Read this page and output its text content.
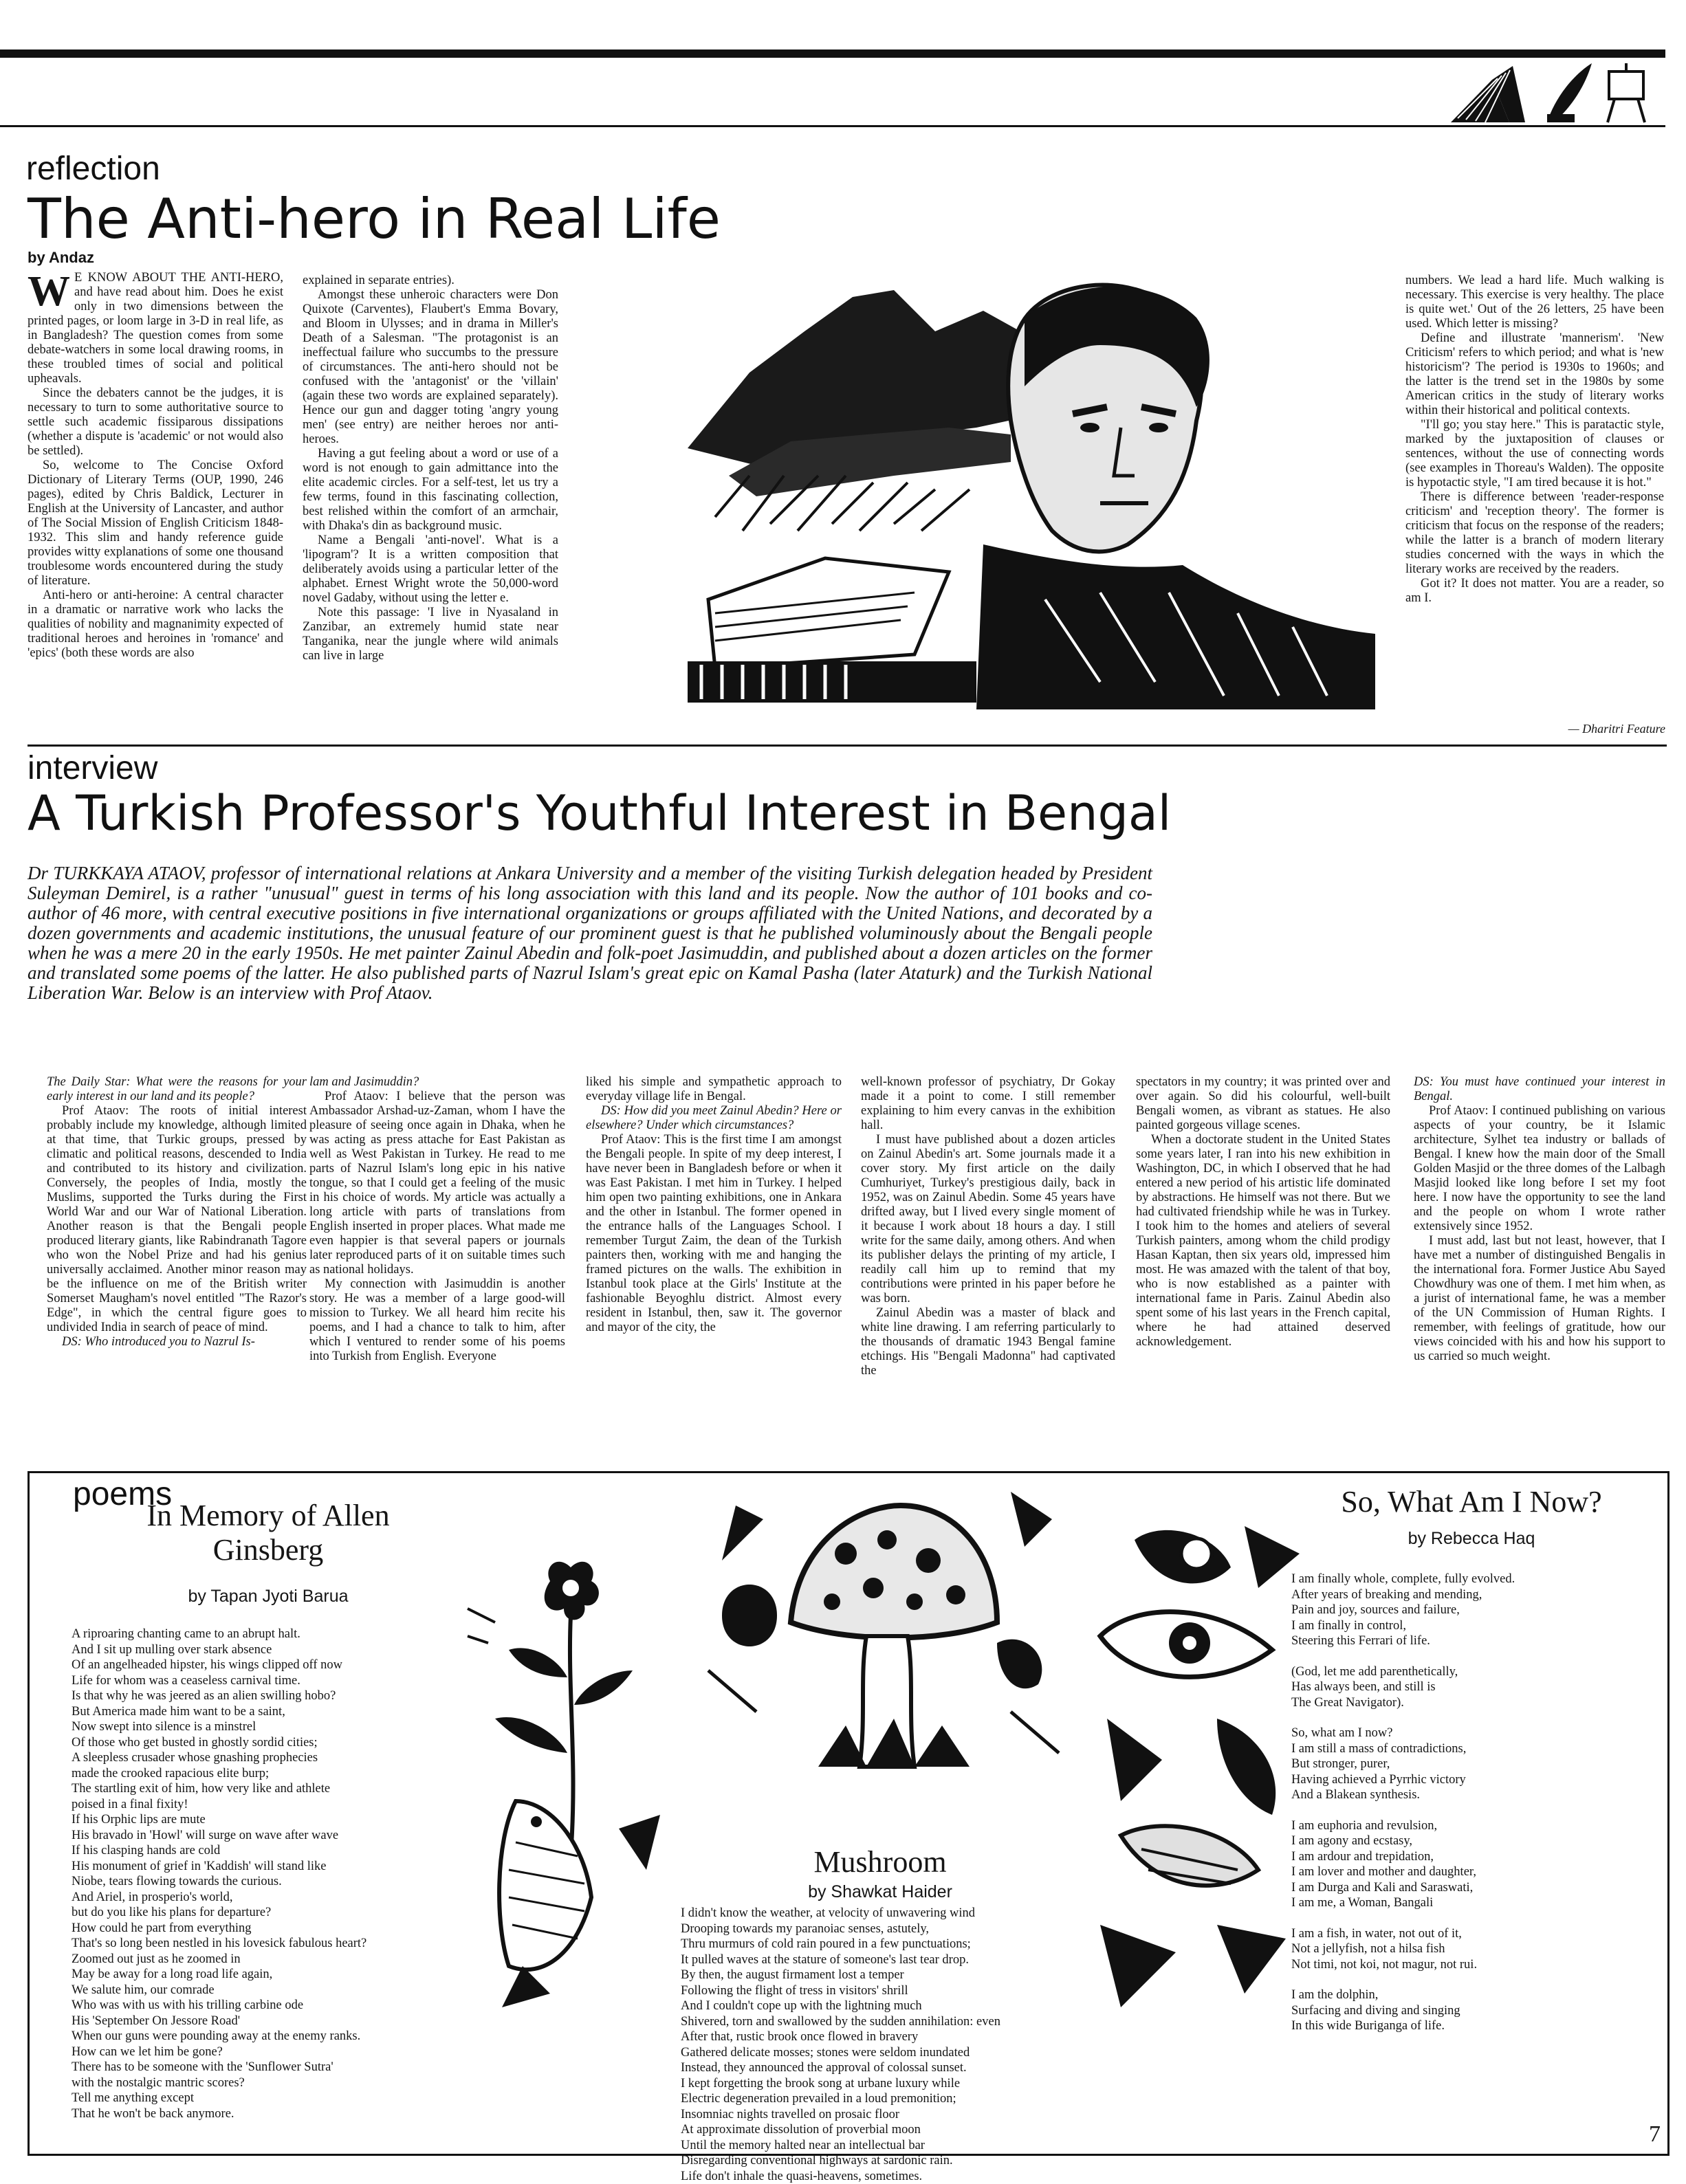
reflection
The Anti-hero in Real Life
by Andaz
W E KNOW ABOUT THE ANTI-HERO, and have read about him. Does he exist only in two dimensions between the printed pages, or loom large in 3-D in real life, as in Bangladesh? The question comes from some debate-watchers in some local drawing rooms, in these troubled times of social and political upheavals.

Since the debaters cannot be the judges, it is necessary to turn to some authoritative source to settle such academic fissiparous dissipations (whether a dispute is 'academic' or not would also be settled).

So, welcome to The Concise Oxford Dictionary of Literary Terms (OUP, 1990, 246 pages), edited by Chris Baldick, Lecturer in English at the University of Lancaster, and author of The Social Mission of English Criticism 1848-1932. This slim and handy reference guide provides witty explanations of some one thousand troublesome words encountered during the study of literature.

Anti-hero or anti-heroine: A central character in a dramatic or narrative work who lacks the qualities of nobility and magnanimity expected of traditional heroes and heroines in 'romance' and 'epics' (both these words are also

explained in separate entries).

Amongst these unheroic characters were Don Quixote (Carventes), Flaubert's Emma Bovary, and Bloom in Ulysses; and in drama in Miller's Death of a Salesman. "The protagonist is an ineffectual failure who succumbs to the pressure of circumstances. The anti-hero should not be confused with the 'antagonist' or the 'villain' (again these two words are explained separately). Hence our gun and dagger toting 'angry young men' (see entry) are neither heroes nor anti-heroes.

Having a gut feeling about a word or use of a word is not enough to gain admittance into the elite academic circles. For a self-test, let us try a few terms, found in this fascinating collection, best relished within the comfort of an armchair, with Dhaka's din as background music.

Name a Bengali 'anti-novel'. What is a 'lipogram'? It is a written composition that deliberately avoids using a particular letter of the alphabet. Ernest Wright wrote the 50,000-word novel Gadaby, without using the letter e.

Note this passage: 'I live in Nyasaland in Zanzibar, an extremely humid state near Tanganika, near the jungle where wild animals can live in large

numbers. We lead a hard life. Much walking is necessary. This exercise is very healthy. The place is quite wet.' Out of the 26 letters, 25 have been used. Which letter is missing?

Define and illustrate 'mannerism'. 'New Criticism' refers to which period; and what is 'new historicism'? The period is 1930s to 1960s; and the latter is the trend set in the 1980s by some American critics in the study of literary works within their historical and political contexts.

"I'll go; you stay here." This is paratactic style, marked by the juxtaposition of clauses or sentences, without the use of connecting words (see examples in Thoreau's Walden). The opposite is hypotactic style, "I am tired because it is hot."

There is difference between 'reader-response criticism' and 'reception theory'. The former is criticism that focus on the response of the readers; while the latter is a branch of modern literary studies concerned with the ways in which the literary works are received by the readers.

Got it? It does not matter. You are a reader, so am I.

— Dharitri Feature
interview
A Turkish Professor's Youthful Interest in Bengal
Dr TURKKAYA ATAOV, professor of international relations at Ankara University and a member of the visiting Turkish delegation headed by President Suleyman Demirel, is a rather "unusual" guest in terms of his long association with this land and its people. Now the author of 101 books and co-author of 46 more, with central executive positions in five international organizations or groups affiliated with the United Nations, and decorated by a dozen governments and academic institutions, the unusual feature of our prominent guest is that he published voluminously about the Bengali people when he was a mere 20 in the early 1950s. He met painter Zainul Abedin and folk-poet Jasimuddin, and published about a dozen articles on the former and translated some poems of the latter. He also published parts of Nazrul Islam's great epic on Kamal Pasha (later Ataturk) and the Turkish National Liberation War. Below is an interview with Prof Ataov.

The Daily Star: What were the reasons for your early interest in our land and its people?

Prof Ataov: The roots of initial interest probably include my knowledge, although limited at that time, that Turkic groups, pressed by climatic and political reasons, descended to India and contributed to its history and civilization. Conversely, the peoples of India, mostly the Muslims, supported the Turks during the First World War and our War of National Liberation. Another reason is that the Bengali people produced literary giants, like Rabindranath Tagore who won the Nobel Prize and had his genius universally acclaimed. Another minor reason may be the influence on me of the British writer Somerset Maugham's novel entitled "The Razor's Edge", in which the central figure goes to undivided India in search of peace of mind.

DS: Who introduced you to Nazrul Is-

lam and Jasimuddin?

Prof Ataov: I believe that the person was Ambassador Arshad-uz-Zaman, whom I have the pleasure of seeing once again in Dhaka, when he was acting as press attache for East Pakistan as well as West Pakistan in Turkey. He read to me parts of Nazrul Islam's long epic in his native tongue, so that I could get a feeling of the music in his choice of words. My article was actually a long article with parts of translations from English inserted in proper places. What made me even happier is that several papers or journals later reproduced parts of it on suitable times such as national holidays.

My connection with Jasimuddin is another story. He was a member of a large good-will mission to Turkey. We all heard him recite his poems, and I had a chance to talk to him, after which I ventured to render some of his poems into Turkish from English. Everyone

liked his simple and sympathetic approach to everyday village life in Bengal.

DS: How did you meet Zainul Abedin? Here or elsewhere? Under which circumstances?

Prof Ataov: This is the first time I am amongst the Bengali people. In spite of my deep interest, I have never been in Bangladesh before or when it was East Pakistan. I met him in Turkey. I helped him open two painting exhibitions, one in Ankara and the other in Istanbul. The former opened in the entrance halls of the Languages School. I remember Turgut Zaim, the dean of the Turkish painters then, working with me and hanging the framed pictures on the walls. The exhibition in Istanbul took place at the Girls' Institute at the fashionable Beyoghlu district. Almost every resident in Istanbul, then, saw it. The governor and mayor of the city, the

well-known professor of psychiatry, Dr Gokay made it a point to come. I still remember explaining to him every canvas in the exhibition hall.

I must have published about a dozen articles on Zainul Abedin's art. Some journals made it a cover story. My first article on the daily Cumhuriyet, Turkey's prestigious daily, back in 1952, was on Zainul Abedin. Some 45 years have drifted away, but I lived every single moment of it because I work about 18 hours a day. I still write for the same daily, among others. And when its publisher delays the printing of my article, I readily call him up to remind that my contributions were printed in his paper before he was born.

Zainul Abedin was a master of black and white line drawing. I am referring particularly to the thousands of dramatic 1943 Bengal famine etchings. His "Bengali Madonna" had captivated the

spectators in my country; it was printed over and over again. So did his colourful, well-built Bengali women, as vibrant as statues. He also painted gorgeous village scenes.

When a doctorate student in the United States some years later, I ran into his new exhibition in Washington, DC, in which I observed that he had entered a new period of his artistic life dominated by abstractions. He himself was not there. But we had cultivated friendship while he was in Turkey. I took him to the homes and ateliers of several Turkish painters, among whom the child prodigy Hasan Kaptan, then six years old, impressed him most. He was amazed with the talent of that boy, who is now established as a painter with international fame in Paris. Zainul Abedin also spent some of his last years in the French capital, where he had attained deserved acknowledgement.

DS: You must have continued your interest in Bengal.

Prof Ataov: I continued publishing on various aspects of your country, be it Islamic architecture, Sylhet tea industry or ballads of Bengal. I knew how the main door of the Small Golden Masjid or the three domes of the Lalbagh Masjid looked like long before I set my foot here. I now have the opportunity to see the land and the people on whom I wrote rather extensively since 1952.

I must add, last but not least, however, that I have met a number of distinguished Bengalis in the international fora. Former Justice Abu Sayed Chowdhury was one of them. I met him when, as a jurist of international fame, he was a member of the UN Commission of Human Rights. I remember, with feelings of gratitude, how our views coincided with his and how his support to us carried so much weight.

poems
In Memory of Allen
Ginsberg
by Tapan Jyoti Barua
A riproaring chanting came to an abrupt halt.
And I sit up mulling over stark absence
Of an angelheaded hipster, his wings clipped off now
Life for whom was a ceaseless carnival time.
Is that why he was jeered as an alien swilling hobo?
But America made him want to be a saint,
Now swept into silence is a minstrel
Of those who get busted in ghostly sordid cities;
A sleepless crusader whose gnashing prophecies
made the crooked rapacious elite burp;
The startling exit of him, how very like and athlete
poised in a final fixity!
If his Orphic lips are mute
His bravado in 'Howl' will surge on wave after wave
If his clasping hands are cold
His monument of grief in 'Kaddish' will stand like
Niobe, tears flowing towards the curious.
And Ariel, in prosperio's world,
but do you like his plans for departure?
How could he part from everything
That's so long been nestled in his lovesick fabulous heart?
Zoomed out just as he zoomed in
May be away for a long road life again,
We salute him, our comrade
Who was with us with his trilling carbine ode
His 'September On Jessore Road'
When our guns were pounding away at the enemy ranks.
How can we let him be gone?
There has to be someone with the 'Sunflower Sutra'
with the nostalgic mantric scores?
Tell me anything except
That he won't be back anymore.
Mushroom
by Shawkat Haider
I didn't know the weather, at velocity of unwavering wind
Drooping towards my paranoiac senses, astutely,
Thru murmurs of cold rain poured in a few punctuations;
It pulled waves at the stature of someone's last tear drop.
By then, the august firmament lost a temper
Following the flight of tress in visitors' shrill
And I couldn't cope up with the lightning much
Shivered, torn and swallowed by the sudden annihilation: even
After that, rustic brook once flowed in bravery
Gathered delicate mosses; stones were seldom inundated
Instead, they announced the approval of colossal sunset.
I kept forgetting the brook song at urbane luxury while
Electric degeneration prevailed in a loud premonition;
Insomniac nights travelled on prosaic floor
At approximate dissolution of proverbial moon
Until the memory halted near an intellectual bar
Disregarding conventional highways at sardonic rain.
Life don't inhale the quasi-heavens, sometimes.
So, What Am I Now?
by Rebecca Haq
I am finally whole, complete, fully evolved.
After years of breaking and mending,
Pain and joy, sources and failure,
I am finally in control,
Steering this Ferrari of life.
(God, let me add parenthetically,
Has always been, and still is
The Great Navigator).
So, what am I now?
I am still a mass of contradictions,
But stronger, purer,
Having achieved a Pyrrhic victory
And a Blakean synthesis.
I am euphoria and revulsion,
I am agony and ecstasy,
I am ardour and trepidation,
I am lover and mother and daughter,
I am Durga and Kali and Saraswati,
I am me, a Woman, Bangali
I am a fish, in water, not out of it,
Not a jellyfish, not a hilsa fish
Not timi, not koi, not magur, not rui.
I am the dolphin,
Surfacing and diving and singing
In this wide Buriganga of life.
7
